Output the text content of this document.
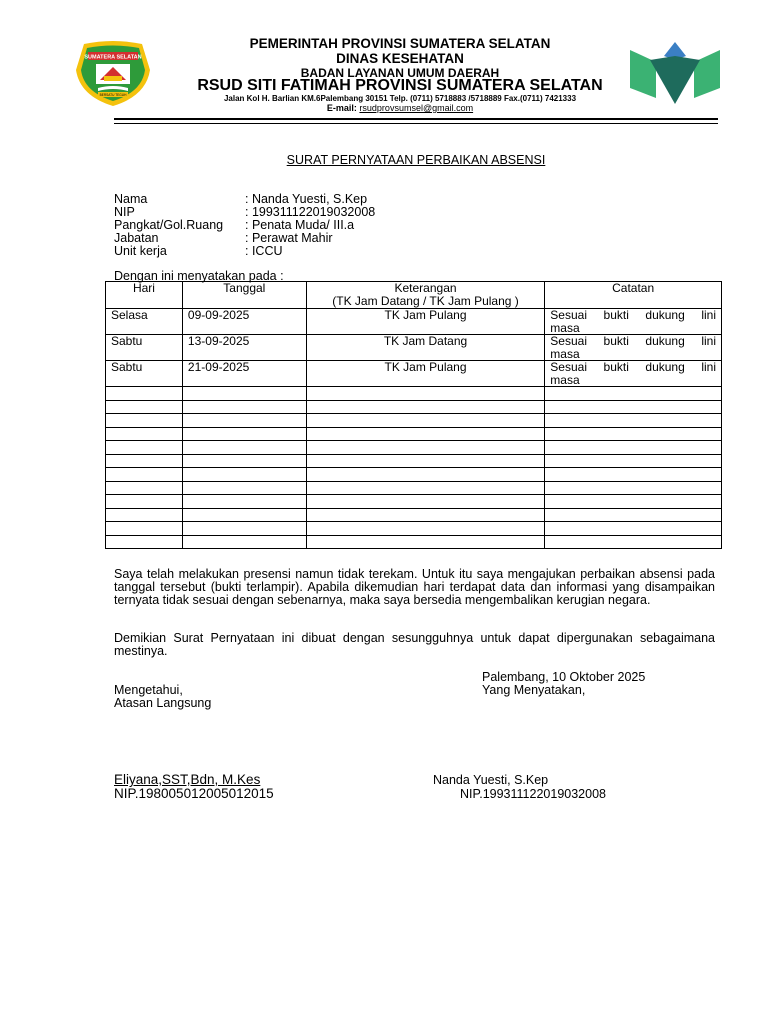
SUMATERA SELATAN
BERSATU TEGUH
PEMERINTAH PROVINSI SUMATERA SELATAN
DINAS KESEHATAN
BADAN LAYANAN UMUM DAERAH
RSUD SITI FATIMAH PROVINSI SUMATERA SELATAN
Jalan Kol H. Barlian KM.6Palembang 30151 Telp. (0711) 5718883 /5718889 Fax.(0711) 7421333
E-mail: rsudprovsumsel@gmail.com
SURAT PERNYATAAN PERBAIKAN ABSENSI
Nama	: Nanda Yuesti, S.Kep
NIP	: 199311122019032008
Pangkat/Gol.Ruang	: Penata Muda/ III.a
Jabatan	: Perawat Mahir
Unit kerja	: ICCU
Dengan ini menyatakan pada :
Hari	Tanggal	Keterangan
(TK Jam Datang / TK Jam Pulang )	Catatan
Selasa	09-09-2025	TK Jam Pulang	Sesuai bukti dukung lini
masa

Sabtu	13-09-2025	TK Jam Datang	Sesuai bukti dukung lini
masa

Sabtu	21-09-2025	TK Jam Pulang	Sesuai bukti dukung lini
masa

Saya telah melakukan presensi namun tidak terekam. Untuk itu saya mengajukan perbaikan absensi pada tanggal tersebut (bukti terlampir). Apabila dikemudian hari terdapat data dan informasi yang disampaikan ternyata tidak sesuai dengan sebenarnya, maka saya bersedia mengembalikan kerugian negara.
Demikian Surat Pernyataan ini dibuat dengan sesungguhnya untuk dapat dipergunakan sebagaimana mestinya.
Palembang, 10 Oktober 2025
Mengetahui,	Yang Menyatakan,
Atasan Langsung
Eliyana,SST,Bdn, M.Kes
NIP.198005012005012015
Nanda Yuesti, S.Kep
NIP.199311122019032008
